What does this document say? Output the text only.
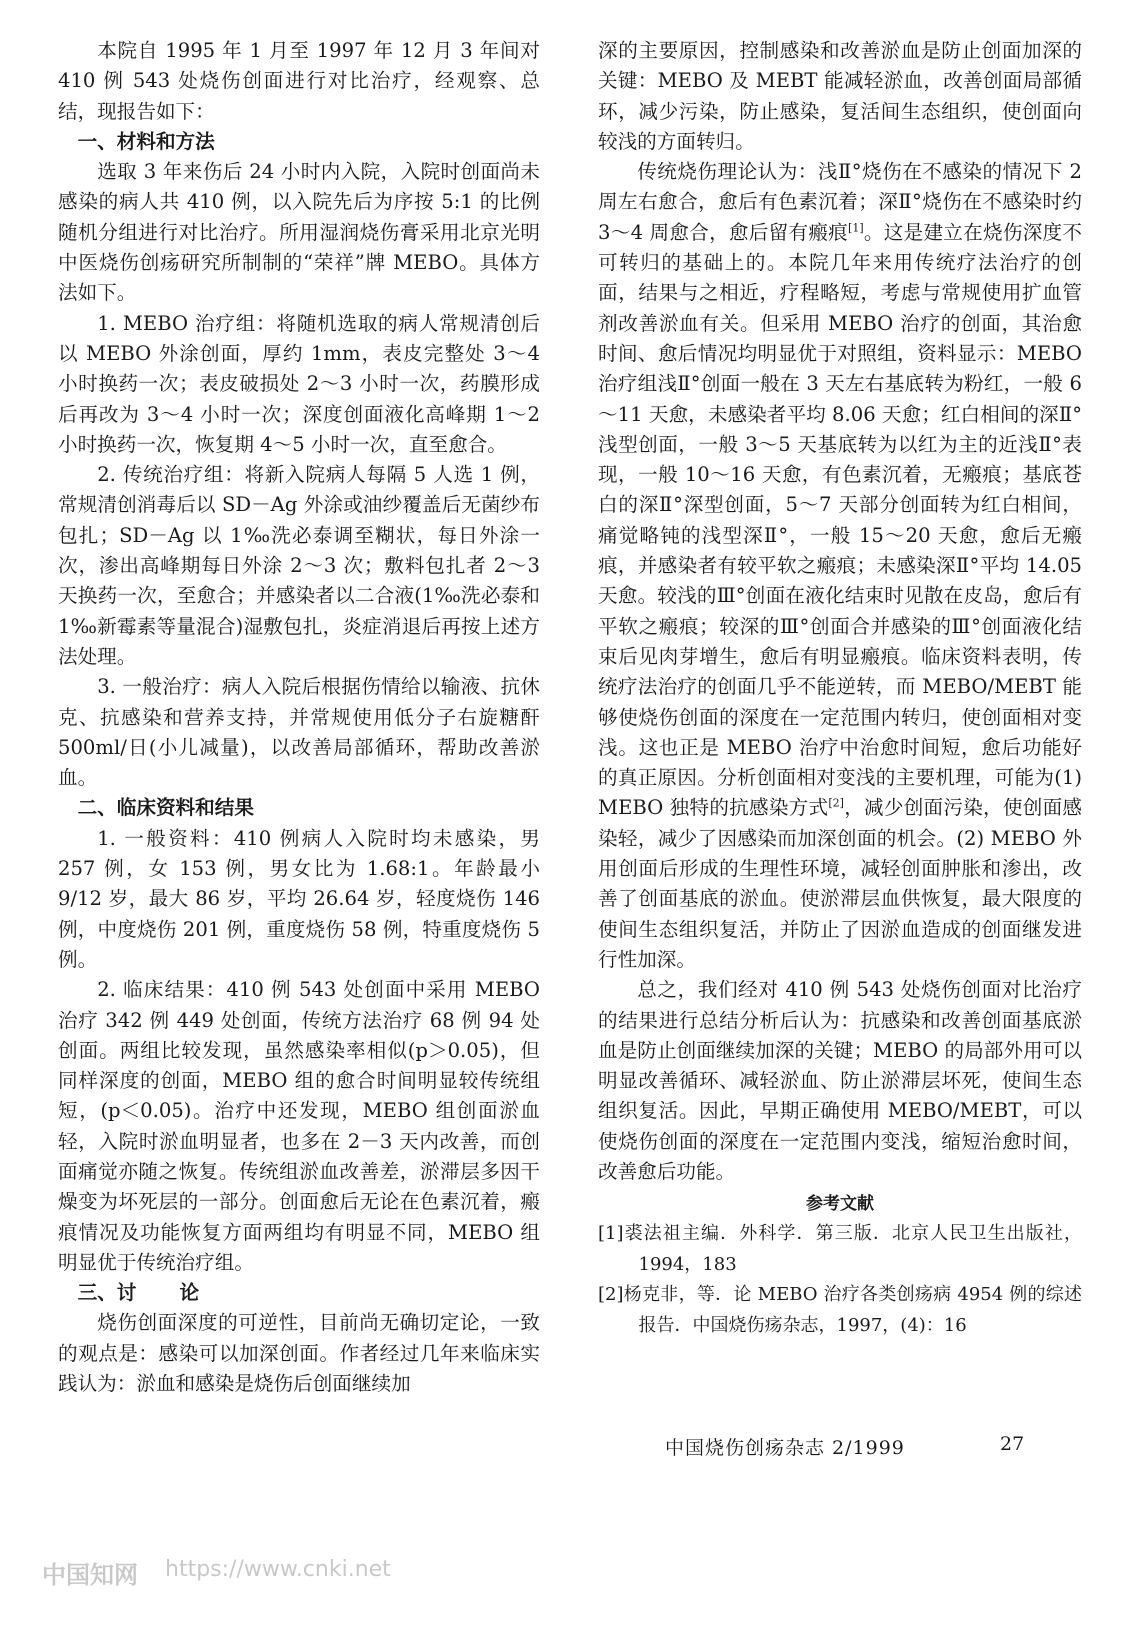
本院自 1995 年 1 月至 1997 年 12 月 3 年间对 410 例 543 处烧伤创面进行对比治疗，经观察、总结，现报告如下：

一、材料和方法

选取 3 年来伤后 24 小时内入院，入院时创面尚未感染的病人共 410 例，以入院先后为序按 5:1 的比例随机分组进行对比治疗。所用湿润烧伤膏采用北京光明中医烧伤创疡研究所制制的“荣祥”牌 MEBO。具体方法如下。

1. MEBO 治疗组：将随机选取的病人常规清创后以 MEBO 外涂创面，厚约 1mm，表皮完整处 3～4 小时换药一次；表皮破损处 2～3 小时一次，药膜形成后再改为 3～4 小时一次；深度创面液化高峰期 1～2 小时换药一次，恢复期 4～5 小时一次，直至愈合。

2. 传统治疗组：将新入院病人每隔 5 人选 1 例，常规清创消毒后以 SD－Ag 外涂或油纱覆盖后无菌纱布包扎；SD－Ag 以 1‰洗必泰调至糊状，每日外涂一次，渗出高峰期每日外涂 2～3 次；敷料包扎者 2～3 天换药一次，至愈合；并感染者以二合液(1‰洗必泰和 1‰新霉素等量混合)湿敷包扎，炎症消退后再按上述方法处理。

3. 一般治疗：病人入院后根据伤情给以输液、抗休克、抗感染和营养支持，并常规使用低分子右旋糖酐 500ml/日(小儿减量)，以改善局部循环，帮助改善淤血。

二、临床资料和结果

1. 一般资料：410 例病人入院时均未感染，男 257 例，女 153 例，男女比为 1.68:1。年龄最小 9/12 岁，最大 86 岁，平均 26.64 岁，轻度烧伤 146 例，中度烧伤 201 例，重度烧伤 58 例，特重度烧伤 5 例。

2. 临床结果：410 例 543 处创面中采用 MEBO 治疗 342 例 449 处创面，传统方法治疗 68 例 94 处创面。两组比较发现，虽然感染率相似(p＞0.05)，但同样深度的创面，MEBO 组的愈合时间明显较传统组短，(p＜0.05)。治疗中还发现，MEBO 组创面淤血轻，入院时淤血明显者，也多在 2－3 天内改善，而创面痛觉亦随之恢复。传统组淤血改善差，淤滞层多因干燥变为坏死层的一部分。创面愈后无论在色素沉着，瘢痕情况及功能恢复方面两组均有明显不同，MEBO 组明显优于传统治疗组。

三、讨 论

烧伤创面深度的可逆性，目前尚无确切定论，一致的观点是：感染可以加深创面。作者经过几年来临床实践认为：淤血和感染是烧伤后创面继续加

深的主要原因，控制感染和改善淤血是防止创面加深的关键：MEBO 及 MEBT 能减轻淤血，改善创面局部循环，减少污染，防止感染，复活间生态组织，使创面向较浅的方面转归。

传统烧伤理论认为：浅Ⅱ°烧伤在不感染的情况下 2 周左右愈合，愈后有色素沉着；深Ⅱ°烧伤在不感染时约 3～4 周愈合，愈后留有瘢痕[1]。这是建立在烧伤深度不可转归的基础上的。本院几年来用传统疗法治疗的创面，结果与之相近，疗程略短，考虑与常规使用扩血管剂改善淤血有关。但采用 MEBO 治疗的创面，其治愈时间、愈后情况均明显优于对照组，资料显示：MEBO 治疗组浅Ⅱ°创面一般在 3 天左右基底转为粉红，一般 6～11 天愈，未感染者平均 8.06 天愈；红白相间的深Ⅱ°浅型创面，一般 3～5 天基底转为以红为主的近浅Ⅱ°表现，一般 10～16 天愈，有色素沉着，无瘢痕；基底苍白的深Ⅱ°深型创面，5～7 天部分创面转为红白相间，痛觉略钝的浅型深Ⅱ°，一般 15～20 天愈，愈后无瘢痕，并感染者有较平软之瘢痕；未感染深Ⅱ°平均 14.05 天愈。较浅的Ⅲ°创面在液化结束时见散在皮岛，愈后有平软之瘢痕；较深的Ⅲ°创面合并感染的Ⅲ°创面液化结束后见肉芽增生，愈后有明显瘢痕。临床资料表明，传统疗法治疗的创面几乎不能逆转，而 MEBO/MEBT 能够使烧伤创面的深度在一定范围内转归，使创面相对变浅。这也正是 MEBO 治疗中治愈时间短，愈后功能好的真正原因。分析创面相对变浅的主要机理，可能为(1) MEBO 独特的抗感染方式[2]，减少创面污染，使创面感染轻，减少了因感染而加深创面的机会。(2) MEBO 外用创面后形成的生理性环境，减轻创面肿胀和渗出，改善了创面基底的淤血。使淤滞层血供恢复，最大限度的使间生态组织复活，并防止了因淤血造成的创面继发进行性加深。

总之，我们经对 410 例 543 处烧伤创面对比治疗的结果进行总结分析后认为：抗感染和改善创面基底淤血是防止创面继续加深的关键；MEBO 的局部外用可以明显改善循环、减轻淤血、防止淤滞层坏死，使间生态组织复活。因此，早期正确使用 MEBO/MEBT，可以使烧伤创面的深度在一定范围内变浅，缩短治愈时间，改善愈后功能。

参考文献

[1]裘法祖主编．外科学．第三版．北京人民卫生出版社，1994，183

[2]杨克非，等．论 MEBO 治疗各类创疡病 4954 例的综述报告．中国烧伤疡杂志，1997，(4)：16

中国烧伤创疡杂志 2/1999	27
中国知网 https://www.cnki.net
